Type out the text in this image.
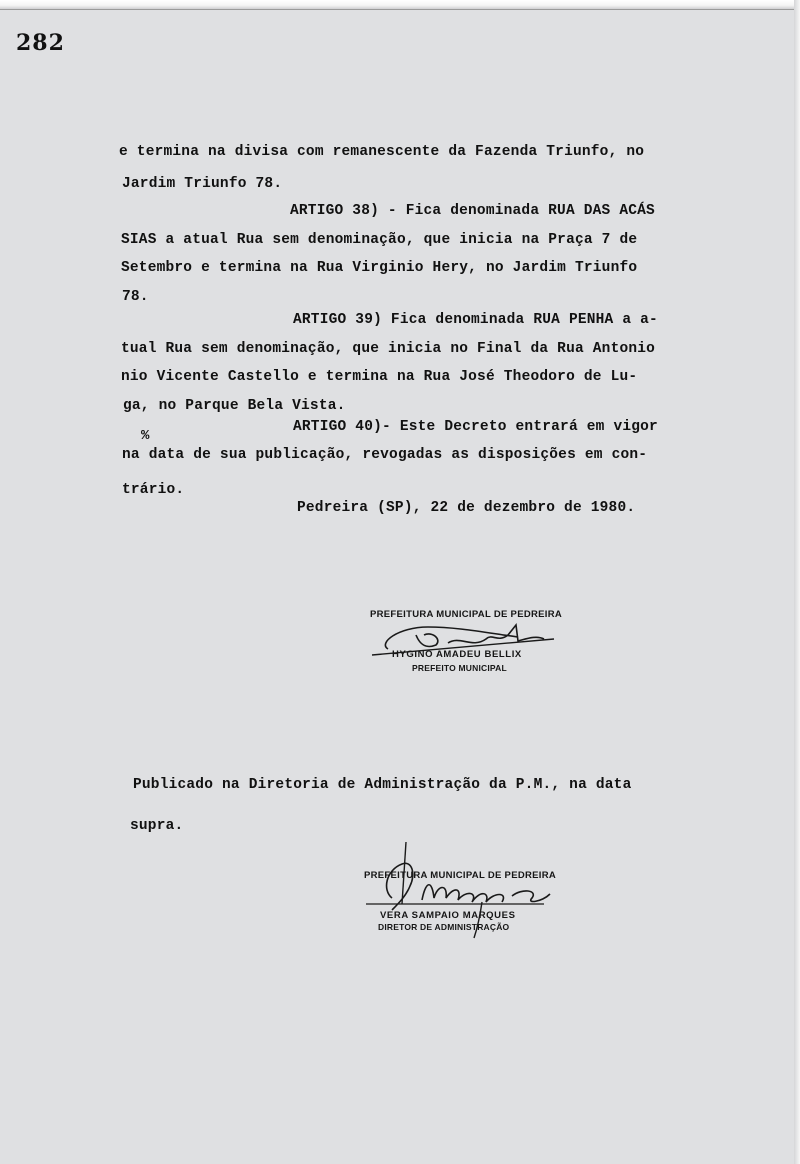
282
e termina na divisa com remanescente da Fazenda Triunfo, no
Jardim Triunfo 78.
ARTIGO 38) - Fica denominada RUA DAS ACÁS
SIAS a atual Rua sem denominação, que inicia na Praça 7 de
Setembro e termina na Rua Virginio Hery, no Jardim Triunfo
78.
ARTIGO 39) Fica denominada RUA PENHA a a-
tual Rua sem denominação, que inicia no Final da Rua Antonio
nio Vicente Castello e termina na Rua José Theodoro de Lu-
ga, no Parque Bela Vista.
ARTIGO 40)- Este Decreto entrará em vigor
na data de sua publicação, revogadas as disposições em con-
trário.
Pedreira (SP), 22 de dezembro de 1980.
%
PREFEITURA MUNICIPAL DE PEDREIRA
HYGINO AMADEU BELLIX
PREFEITO MUNICIPAL
Publicado na Diretoria de Administração da P.M., na data
supra.
PREFEITURA MUNICIPAL DE PEDREIRA
VERA SAMPAIO MARQUES
DIRETOR DE ADMINISTRAÇÃO
